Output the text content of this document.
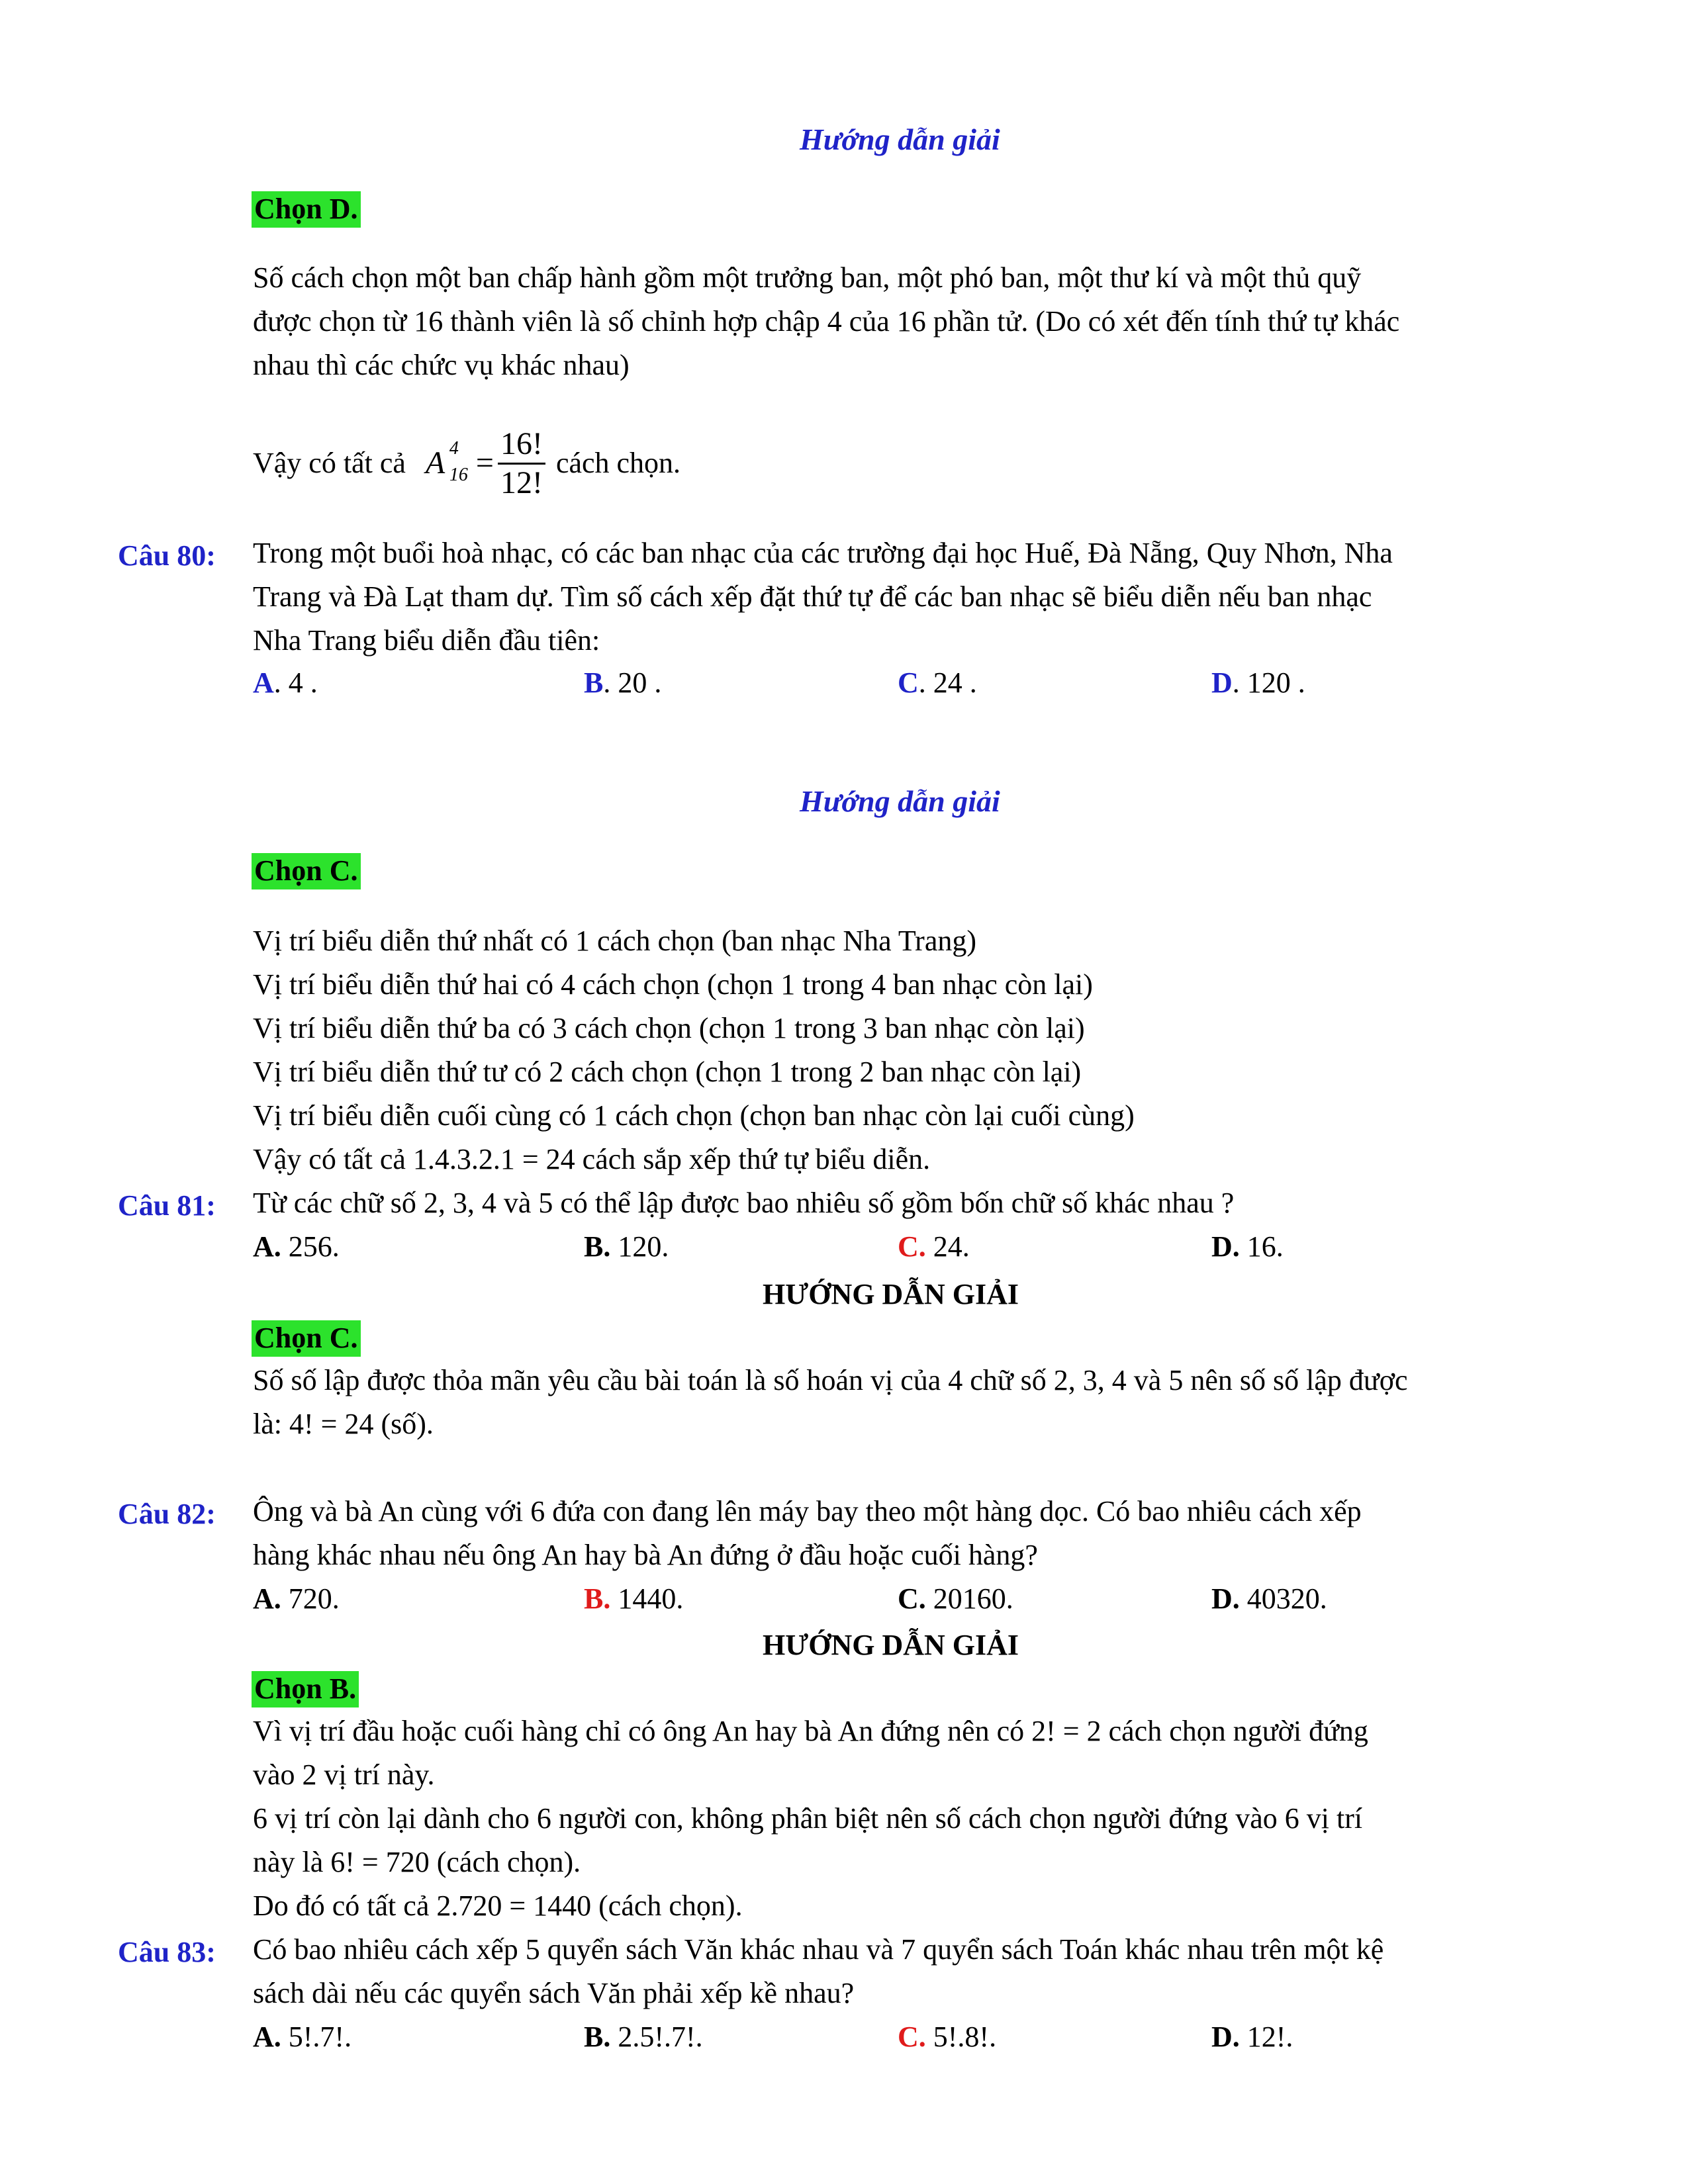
Hướng dẫn giải
Chọn D.
Số cách chọn một ban chấp hành gồm một trưởng ban, một phó ban, một thư kí và một thủ quỹ
được chọn từ 16 thành viên là số chỉnh hợp chập 4 của 16 phần tử. (Do có xét đến tính thứ tự khác
nhau thì các chức vụ khác nhau)
Vậy có tất cả A 4
$16 = \frac{16!}{12!}$ cách chọn.
Câu 80: Trong một buổi hoà nhạc, có các ban nhạc của các trường đại học Huế, Đà Nẵng, Quy Nhơn, Nha
Trang và Đà Lạt tham dự. Tìm số cách xếp đặt thứ tự để các ban nhạc sẽ biểu diễn nếu ban nhạc
Nha Trang biểu diễn đầu tiên:
A. 4 .	B. 20 .	C. 24 .	D. 120 .
Hướng dẫn giải
Chọn C.
Vị trí biểu diễn thứ nhất có 1 cách chọn (ban nhạc Nha Trang)
Vị trí biểu diễn thứ hai có 4 cách chọn (chọn 1 trong 4 ban nhạc còn lại)
Vị trí biểu diễn thứ ba có 3 cách chọn (chọn 1 trong 3 ban nhạc còn lại)
Vị trí biểu diễn thứ tư có 2 cách chọn (chọn 1 trong 2 ban nhạc còn lại)
Vị trí biểu diễn cuối cùng có 1 cách chọn (chọn ban nhạc còn lại cuối cùng)
Vậy có tất cả 1.4.3.2.1 = 24 cách sắp xếp thứ tự biểu diễn.
Câu 81: Từ các chữ số 2, 3, 4 và 5 có thể lập được bao nhiêu số gồm bốn chữ số khác nhau ?
A. 256.	B. 120.	C. 24.	D. 16.
HƯỚNG DẪN GIẢI
Chọn C.
Số số lập được thỏa mãn yêu cầu bài toán là số hoán vị của 4 chữ số 2, 3, 4 và 5 nên số số lập được
là: 4! = 24 (số).
Câu 82: Ông và bà An cùng với 6 đứa con đang lên máy bay theo một hàng dọc. Có bao nhiêu cách xếp
hàng khác nhau nếu ông An hay bà An đứng ở đầu hoặc cuối hàng?
A. 720.	B. 1440.	C. 20160.	D. 40320.
HƯỚNG DẪN GIẢI
Chọn B.
Vì vị trí đầu hoặc cuối hàng chỉ có ông An hay bà An đứng nên có 2! = 2 cách chọn người đứng
vào 2 vị trí này.
6 vị trí còn lại dành cho 6 người con, không phân biệt nên số cách chọn người đứng vào 6 vị trí
này là 6! = 720 (cách chọn).
Do đó có tất cả 2.720 = 1440 (cách chọn).
Câu 83: Có bao nhiêu cách xếp 5 quyển sách Văn khác nhau và 7 quyển sách Toán khác nhau trên một kệ
sách dài nếu các quyển sách Văn phải xếp kề nhau?
A. 5!.7!.	B. 2.5!.7!.	C. 5!.8!.	D. 12!.
